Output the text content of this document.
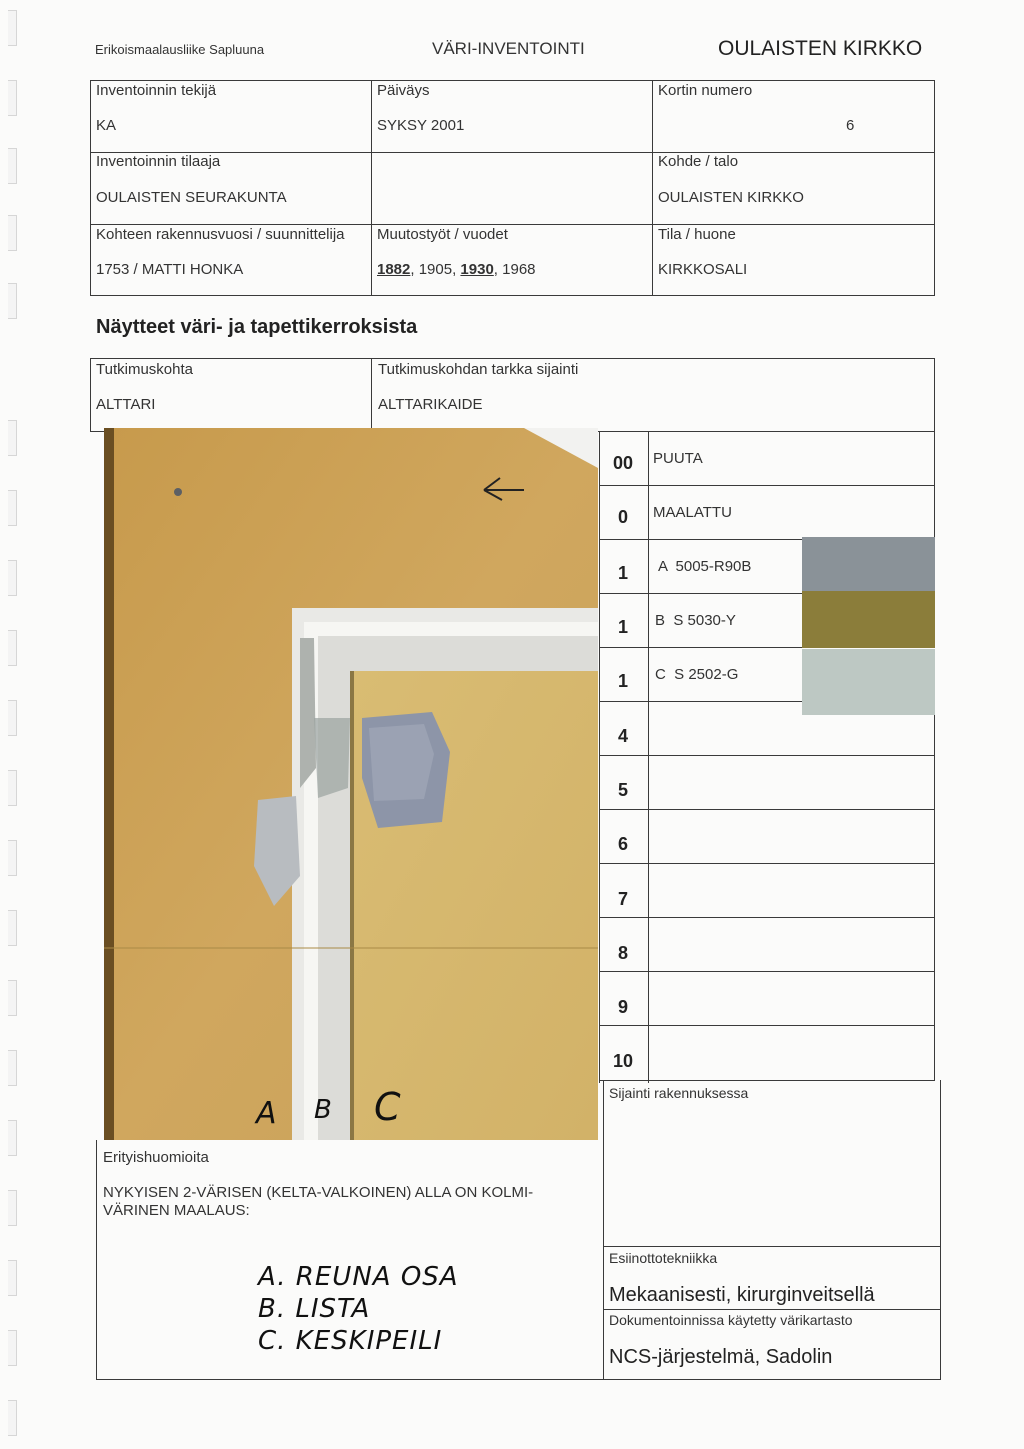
Erikoismaalausliike Sapluuna	VÄRI-INVENTOINTI	OULAISTEN KIRKKO
Inventoinnin tekijä
KA
Päiväys
SYKSY 2001
Kortin numero
6
Inventoinnin tilaaja
OULAISTEN SEURAKUNTA
Kohde / talo
OULAISTEN KIRKKO
Kohteen rakennusvuosi / suunnittelija
1753 / MATTI HONKA
Muutostyöt / vuodet
1882, 1905, 1930, 1968
Tila / huone
KIRKKOSALI
Näytteet väri- ja tapettikerroksista
Tutkimuskohta
ALTTARI
Tutkimuskohdan tarkka sijainti
ALTTARIKAIDE
A B C
00	PUUTA
0	MAALATTU
1	A  5005-R90B
1	B  S 5030-Y
1	C  S 2502-G
4
5
6
7
8
9
10
Sijainti rakennuksessa
Erityishuomioita
NYKYISEN 2-VÄRISEN (KELTA-VALKOINEN) ALLA ON KOLMI-VÄRINEN MAALAUS:
A. REUNA OSA
B. LISTA
C. KESKIPEILI
Esiinottotekniikka
Mekaanisesti, kirurginveitsellä
Dokumentoinnissa käytetty värikartasto
NCS-järjestelmä, Sadolin
